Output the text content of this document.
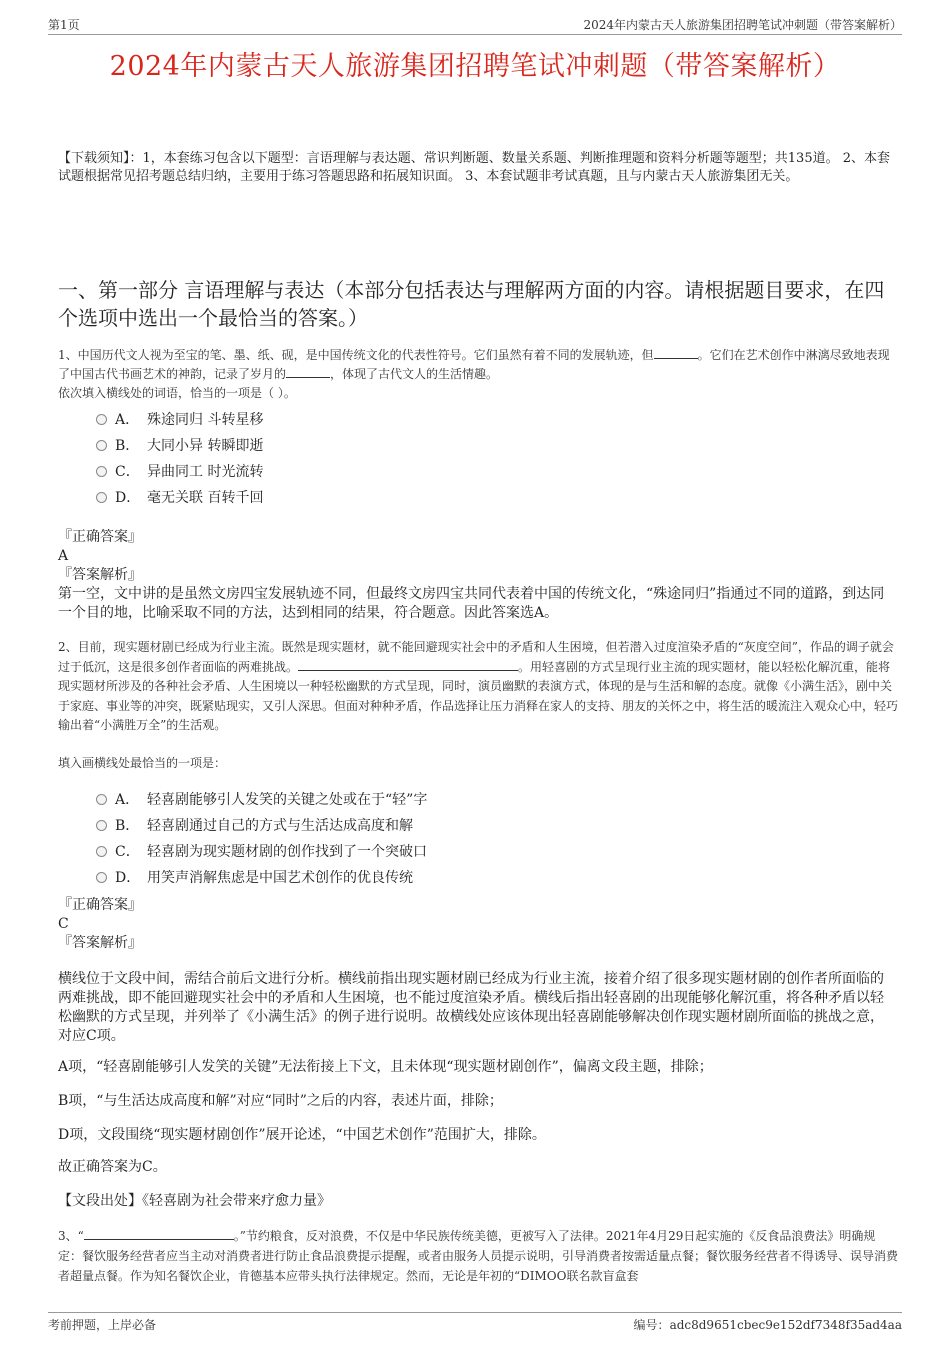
第1页	2024年内蒙古天人旅游集团招聘笔试冲刺题（带答案解析）
2024年内蒙古天人旅游集团招聘笔试冲刺题（带答案解析）
【下载须知】：1，本套练习包含以下题型：言语理解与表达题、常识判断题、数量关系题、判断推理题和资料分析题等题型；共135道。 2、本套试题根据常见招考题总结归纳，主要用于练习答题思路和拓展知识面。 3、本套试题非考试真题，且与内蒙古天人旅游集团无关。
一、第一部分 言语理解与表达（本部分包括表达与理解两方面的内容。请根据题目要求，在四个选项中选出一个最恰当的答案。）
1、中国历代文人视为至宝的笔、墨、纸、砚，是中国传统文化的代表性符号。它们虽然有着不同的发展轨迹，但	。它们在艺术创作中淋漓尽致地表现了中国古代书画艺术的神韵，记录了岁月的	，体现了古代文人的生活情趣。
依次填入横线处的词语，恰当的一项是（ ）。
A． 殊途同归 斗转星移
B． 大同小异 转瞬即逝
C． 异曲同工 时光流转
D． 毫无关联 百转千回
『正确答案』
A
『答案解析』
第一空，文中讲的是虽然文房四宝发展轨迹不同，但最终文房四宝共同代表着中国的传统文化，“殊途同归”指通过不同的道路，到达同一个目的地，比喻采取不同的方法，达到相同的结果，符合题意。因此答案选A。
2、目前，现实题材剧已经成为行业主流。既然是现实题材，就不能回避现实社会中的矛盾和人生困境，但若潜入过度渲染矛盾的“灰度空间”，作品的调子就会过于低沉，这是很多创作者面临的两难挑战。	。用轻喜剧的方式呈现行业主流的现实题材，能以轻松化解沉重，能将现实题材所涉及的各种社会矛盾、人生困境以一种轻松幽默的方式呈现，同时，演员幽默的表演方式，体现的是与生活和解的态度。就像《小满生活》，剧中关于家庭、事业等的冲突，既紧贴现实，又引人深思。但面对种种矛盾，作品选择让压力消释在家人的支持、朋友的关怀之中，将生活的暖流注入观众心中，轻巧输出着“小满胜万全”的生活观。
填入画横线处最恰当的一项是：
A． 轻喜剧能够引人发笑的关键之处或在于“轻”字
B． 轻喜剧通过自己的方式与生活达成高度和解
C． 轻喜剧为现实题材剧的创作找到了一个突破口
D． 用笑声消解焦虑是中国艺术创作的优良传统
『正确答案』
C
『答案解析』
横线位于文段中间，需结合前后文进行分析。横线前指出现实题材剧已经成为行业主流，接着介绍了很多现实题材剧的创作者所面临的两难挑战，即不能回避现实社会中的矛盾和人生困境，也不能过度渲染矛盾。横线后指出轻喜剧的出现能够化解沉重，将各种矛盾以轻松幽默的方式呈现，并列举了《小满生活》的例子进行说明。故横线处应该体现出轻喜剧能够解决创作现实题材剧所面临的挑战之意，对应C项。
A项，“轻喜剧能够引人发笑的关键”无法衔接上下文，且未体现“现实题材剧创作”，偏离文段主题，排除；
B项，“与生活达成高度和解”对应“同时”之后的内容，表述片面，排除；
D项，文段围绕“现实题材剧创作”展开论述，“中国艺术创作”范围扩大，排除。
故正确答案为C。
【文段出处】《轻喜剧为社会带来疗愈力量》
3、“	。”节约粮食，反对浪费，不仅是中华民族传统美德，更被写入了法律。2021年4月29日起实施的《反食品浪费法》明确规定：餐饮服务经营者应当主动对消费者进行防止食品浪费提示提醒，或者由服务人员提示说明，引导消费者按需适量点餐；餐饮服务经营者不得诱导、误导消费者超量点餐。作为知名餐饮企业，肯德基本应带头执行法律规定。然而，无论是年初的“DIMOO联名款盲盒套
考前押题，上岸必备	编号：adc8d9651cbec9e152df7348f35ad4aa
